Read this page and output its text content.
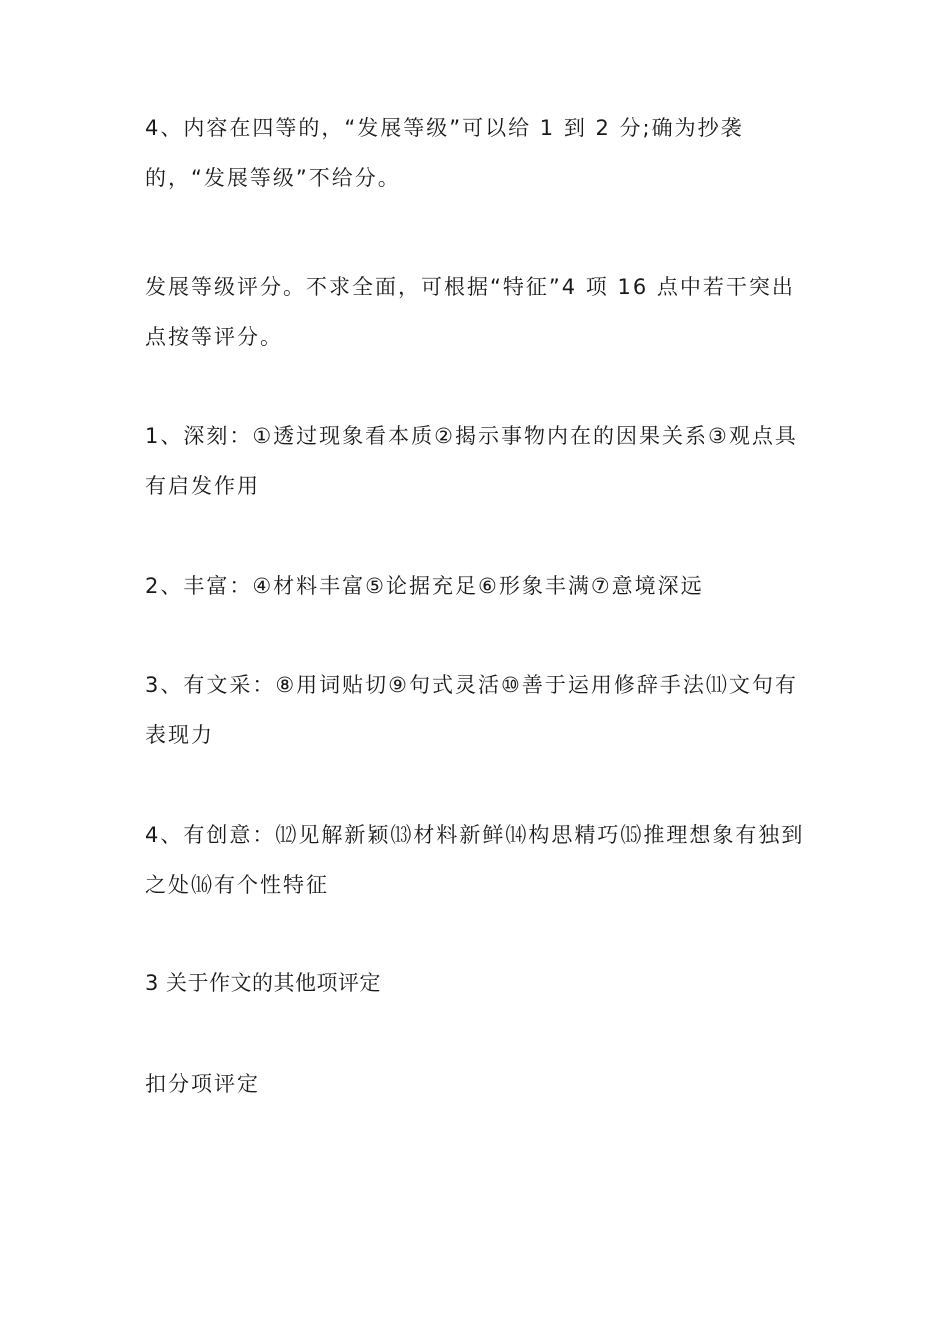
4、内容在四等的，“发展等级”可以给 1 到 2 分;确为抄袭的，“发展等级”不给分。

发展等级评分。不求全面，可根据“特征”4 项 16 点中若干突出点按等评分。

1、深刻：①透过现象看本质②揭示事物内在的因果关系③观点具有启发作用

2、丰富：④材料丰富⑤论据充足⑥形象丰满⑦意境深远

3、有文采：⑧用词贴切⑨句式灵活⑩善于运用修辞手法⑾文句有表现力

4、有创意：⑿见解新颖⒀材料新鲜⒁构思精巧⒂推理想象有独到之处⒃有个性特征

3 关于作文的其他项评定

扣分项评定
